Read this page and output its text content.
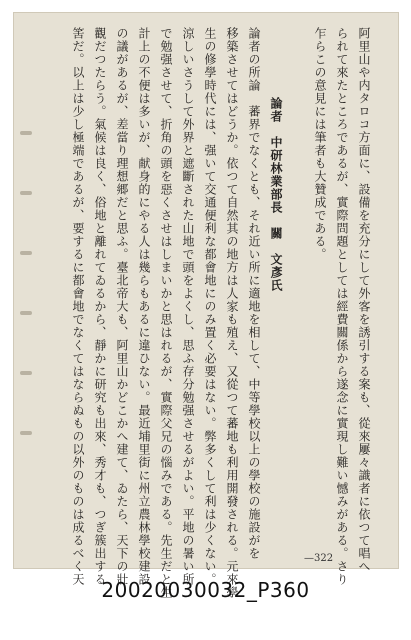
阿里山や内タロコ方面に、設備を充分にして外客を誘引する案も、從來屢々識者に依つて唱へ
られて來たところであるが、實際問題としては經費關係から遂念に實現し難い憾みがある。さり
乍らこの意見には筆者も大贊成である。
論者　中研林業部長　關　文彥氏
論者の所論　蕃界でなくとも、それ近い所に適地を相して、中等學校以上の學校の施設がを
移築させてはどうか。依つて自然其の地方は人家も殖え、又從つて蕃地も利用開發される。元來學
生の修學時代には、强いて交通便利な都會地にのみ置く必要はない。弊多くして利は少くない。
涼しいさうして外界と遮斷された山地で頭をよくし、思ふ存分勉强させるがよい。平地の暑い所
で勉强させて、折角の頭を惡くさせはしまいかと思はれるが、實際父兄の惱みである。先生だと生
計上の不便は多いが、献身的にやる人は幾らもあるに違ひない。最近埔里街に州立農林學校建設
の議があるが、差當り理想郷だと思ふ。臺北帝大も、阿里山かどこかへ建て、ゐたら、天下の壯
觀だつたらう。氣候は良く、俗地と離れてゐるから、靜かに研究も出來、秀才も、つぎ簇出する
筈だ。以上は少し極端であるが、要するに都會地でなくてはならぬもの以外のものは成るべく天	—322
20020030032_P360
